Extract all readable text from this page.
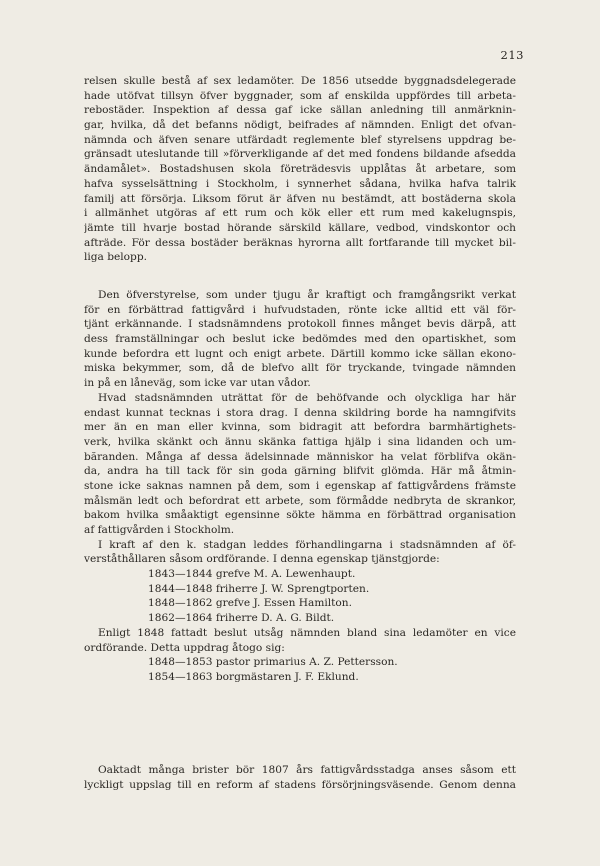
213
relsen skulle bestå af sex ledamöter. De 1856 utsedde byggnadsdelegerade
hade utöfvat tillsyn öfver byggnader, som af enskilda uppfördes till arbeta-
rebostäder. Inspektion af dessa gaf icke sällan anledning till anmärknin-
gar, hvilka, då det befanns nödigt, beifrades af nämnden. Enligt det ofvan-
nämnda och äfven senare utfärdadt reglemente blef styrelsens uppdrag be-
gränsadt uteslutande till »förverkligande af det med fondens bildande afsedda
ändamålet». Bostadshusen skola företrädesvis upplåtas åt arbetare, som
hafva sysselsättning i Stockholm, i synnerhet sådana, hvilka hafva talrik
familj att försörja. Liksom förut är äfven nu bestämdt, att bostäderna skola
i allmänhet utgöras af ett rum och kök eller ett rum med kakelugnspis,
jämte till hvarje bostad hörande särskild källare, vedbod, vindskontor och
afträde. För dessa bostäder beräknas hyrorna allt fortfarande till mycket bil-
liga belopp.
Den öfverstyrelse, som under tjugu år kraftigt och framgångsrikt verkat
för en förbättrad fattigvård i hufvudstaden, rönte icke alltid ett väl för-
tjänt erkännande. I stadsnämndens protokoll finnes månget bevis därpå, att
dess framställningar och beslut icke bedömdes med den opartiskhet, som
kunde befordra ett lugnt och enigt arbete. Därtill kommo icke sällan ekono-
miska bekymmer, som, då de blefvo allt för tryckande, tvingade nämnden
in på en låneväg, som icke var utan vådor.
Hvad stadsnämnden uträttat för de behöfvande och olyckliga har här
endast kunnat tecknas i stora drag. I denna skildring borde ha namngifvits
mer än en man eller kvinna, som bidragit att befordra barmhärtighets-
verk, hvilka skänkt och ännu skänka fattiga hjälp i sina lidanden och um-
băranden. Många af dessa ädelsinnade människor ha velat förblifva okän-
da, andra ha till tack för sin goda gärning blifvit glömda. Här må åtmin-
stone icke saknas namnen på dem, som i egenskap af fattigvårdens främste
målsmän ledt och befordrat ett arbete, som förmådde nedbryta de skrankor,
bakom hvilka småaktigt egensinne sökte hämma en förbättrad organisation
af fattigvården i Stockholm.
I kraft af den k. stadgan leddes förhandlingarna i stadsnämnden af öf-
verståthållaren såsom ordförande. I denna egenskap tjänstgjorde:
1843—1844 grefve M. A. Lewenhaupt.
1844—1848 friherre J. W. Sprengtporten.
1848—1862 grefve J. Essen Hamilton.
1862—1864 friherre D. A. G. Bildt.
Enligt 1848 fattadt beslut utsåg nämnden bland sina ledamöter en vice
ordförande. Detta uppdrag åtogo sig:
1848—1853 pastor primarius A. Z. Pettersson.
1854—1863 borgmästaren J. F. Eklund.
Oaktadt många brister bör 1807 års fattigvårdsstadga anses såsom ett
lyckligt uppslag till en reform af stadens försörjningsväsende. Genom denna
